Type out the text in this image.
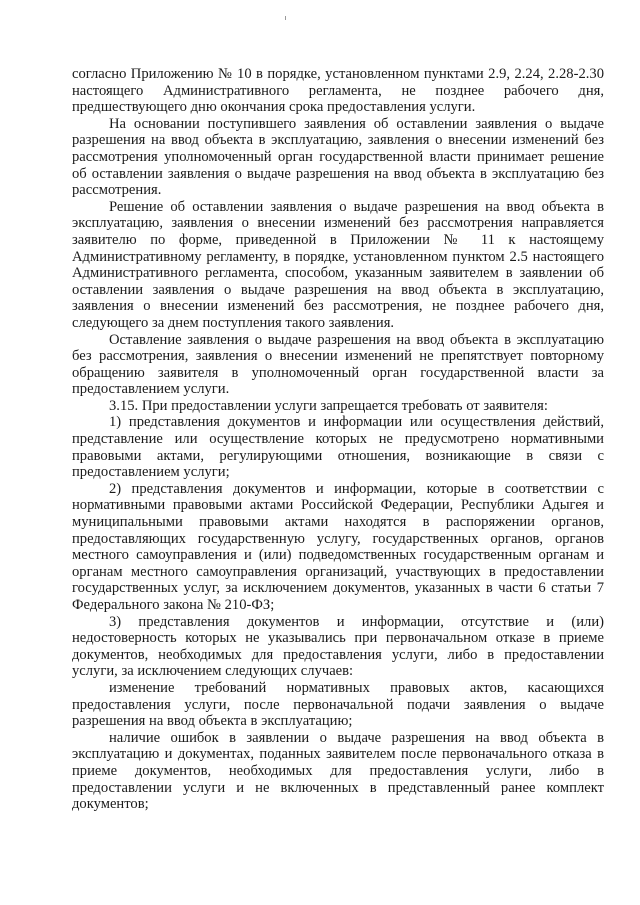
согласно Приложению № 10 в порядке, установленном пунктами 2.9, 2.24, 2.28-2.30 настоящего Административного регламента, не позднее рабочего дня, предшествующего дню окончания срока предоставления услуги.

На основании поступившего заявления об оставлении заявления о выдаче разрешения на ввод объекта в эксплуатацию, заявления о внесении изменений без рассмотрения уполномоченный орган государственной власти принимает решение об оставлении заявления о выдаче разрешения на ввод объекта в эксплуатацию без рассмотрения.

Решение об оставлении заявления о выдаче разрешения на ввод объекта в эксплуатацию, заявления о внесении изменений без рассмотрения направляется заявителю по форме, приведенной в Приложении № 11 к настоящему Административному регламенту, в порядке, установленном пунктом 2.5 настоящего Административного регламента, способом, указанным заявителем в заявлении об оставлении заявления о выдаче разрешения на ввод объекта в эксплуатацию, заявления о внесении изменений без рассмотрения, не позднее рабочего дня, следующего за днем поступления такого заявления.

Оставление заявления о выдаче разрешения на ввод объекта в эксплуатацию без рассмотрения, заявления о внесении изменений не препятствует повторному обращению заявителя в уполномоченный орган государственной власти за предоставлением услуги.

3.15. При предоставлении услуги запрещается требовать от заявителя:

1) представления документов и информации или осуществления действий, представление или осуществление которых не предусмотрено нормативными правовыми актами, регулирующими отношения, возникающие в связи с предоставлением услуги;

2) представления документов и информации, которые в соответствии с нормативными правовыми актами Российской Федерации, Республики Адыгея и муниципальными правовыми актами находятся в распоряжении органов, предоставляющих государственную услугу, государственных органов, органов местного самоуправления и (или) подведомственных государственным органам и органам местного самоуправления организаций, участвующих в предоставлении государственных услуг, за исключением документов, указанных в части 6 статьи 7 Федерального закона № 210-ФЗ;

3) представления документов и информации, отсутствие и (или) недостоверность которых не указывались при первоначальном отказе в приеме документов, необходимых для предоставления услуги, либо в предоставлении услуги, за исключением следующих случаев:

изменение требований нормативных правовых актов, касающихся предоставления услуги, после первоначальной подачи заявления о выдаче разрешения на ввод объекта в эксплуатацию;

наличие ошибок в заявлении о выдаче разрешения на ввод объекта в эксплуатацию и документах, поданных заявителем после первоначального отказа в приеме документов, необходимых для предоставления услуги, либо в предоставлении услуги и не включенных в представленный ранее комплект документов;
